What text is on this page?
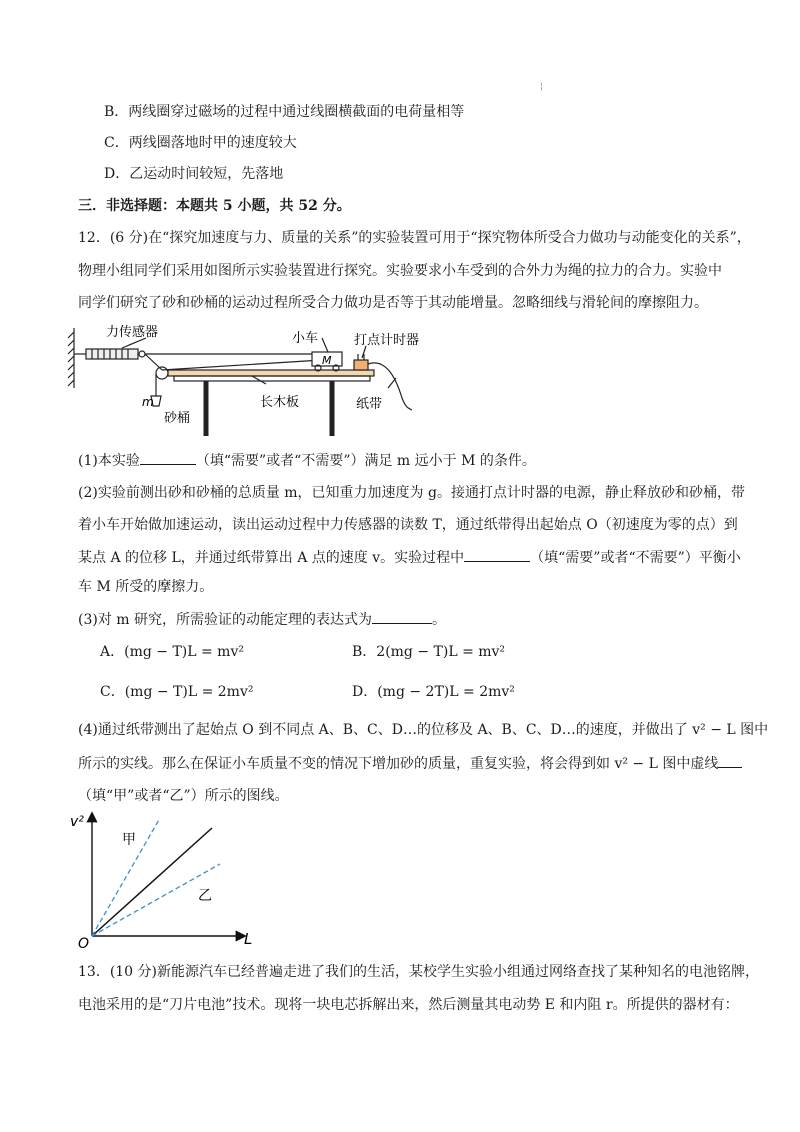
¦
B．两线圈穿过磁场的过程中通过线圈横截面的电荷量相等
C．两线圈落地时甲的速度较大
D．乙运动时间较短，先落地
三．非选择题：本题共 5 小题，共 52 分。
12．(6 分)在“探究加速度与力、质量的关系”的实验装置可用于“探究物体所受合力做功与动能变化的关系”，
物理小组同学们采用如图所示实验装置进行探究。实验要求小车受到的合外力为绳的拉力的合力。实验中
同学们研究了砂和砂桶的运动过程所受合力做功是否等于其动能增量。忽略细线与滑轮间的摩擦阻力。
力传感器	小车
M
打点计时器
m
砂桶
长木板	纸带
(1)本实验	（填“需要”或者“不需要”）满足 m 远小于 M 的条件。
(2)实验前测出砂和砂桶的总质量 m，已知重力加速度为 g。接通打点计时器的电源，静止释放砂和砂桶，带
着小车开始做加速运动，读出运动过程中力传感器的读数 T，通过纸带得出起始点 O（初速度为零的点）到
某点 A 的位移 L，并通过纸带算出 A 点的速度 v。实验过程中	（填“需要”或者“不需要”）平衡小
车 M 所受的摩擦力。
(3)对 m 研究，所需验证的动能定理的表达式为	。
A．(mg − T)L = mv²	B．2(mg − T)L = mv²
C．(mg − T)L = 2mv²	D．(mg − 2T)L = 2mv²
(4)通过纸带测出了起始点 O 到不同点 A、B、C、D…的位移及 A、B、C、D…的速度，并做出了 v² − L 图中
所示的实线。那么在保证小车质量不变的情况下增加砂的质量，重复实验，将会得到如 v² − L 图中虚线
（填“甲”或者“乙”）所示的图线。
v²
L
O
甲
乙
13．(10 分)新能源汽车已经普遍走进了我们的生活，某校学生实验小组通过网络查找了某种知名的电池铭牌，
电池采用的是“刀片电池”技术。现将一块电芯拆解出来，然后测量其电动势 E 和内阻 r。所提供的器材有：
